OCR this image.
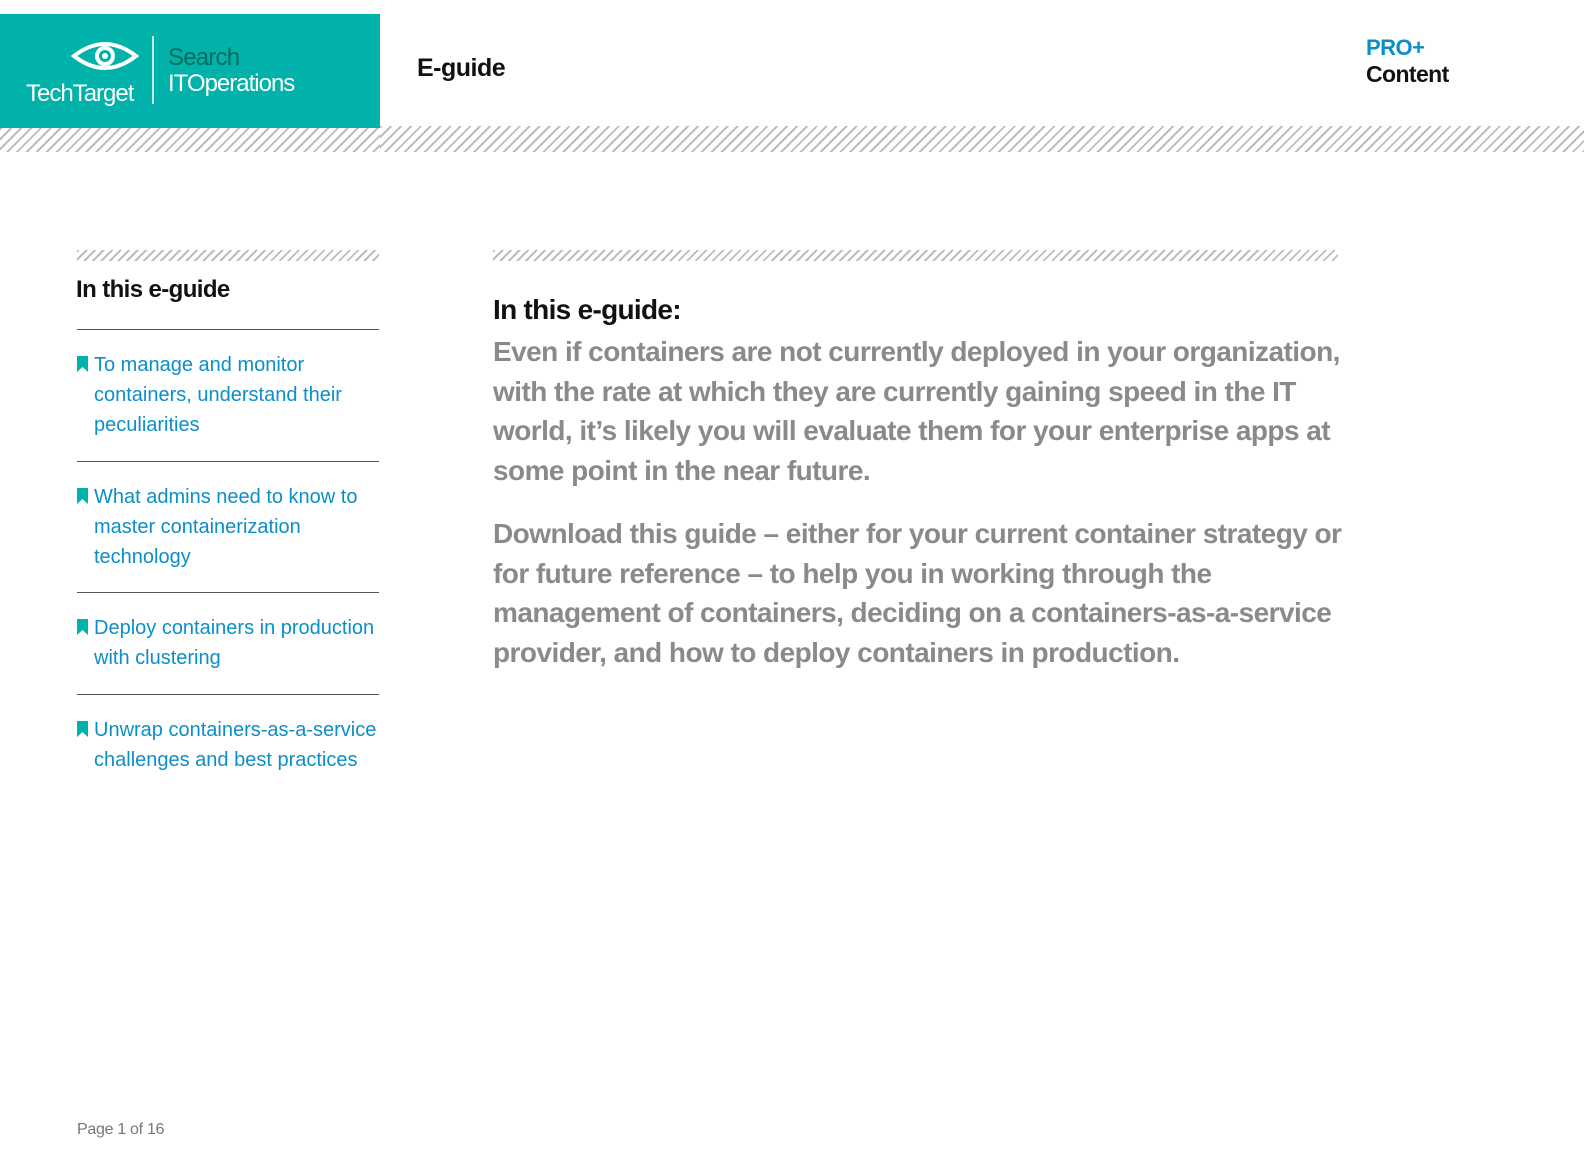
TechTarget
Search
ITOperations
E-guide
PRO+
Content
In this e-guide
To manage and monitor containers, understand their peculiarities
What admins need to know to master containerization technology
Deploy containers in production with clustering
Unwrap containers-as-a-service challenges and best practices
In this e-guide:

Even if containers are not currently deployed in your organization, with the rate at which they are currently gaining speed in the IT world, it’s likely you will evaluate them for your enterprise apps at some point in the near future.

Download this guide – either for your current container strategy or for future reference – to help you in working through the management of containers, deciding on a containers-as-a-service provider, and how to deploy containers in production.

Page 1 of 16
